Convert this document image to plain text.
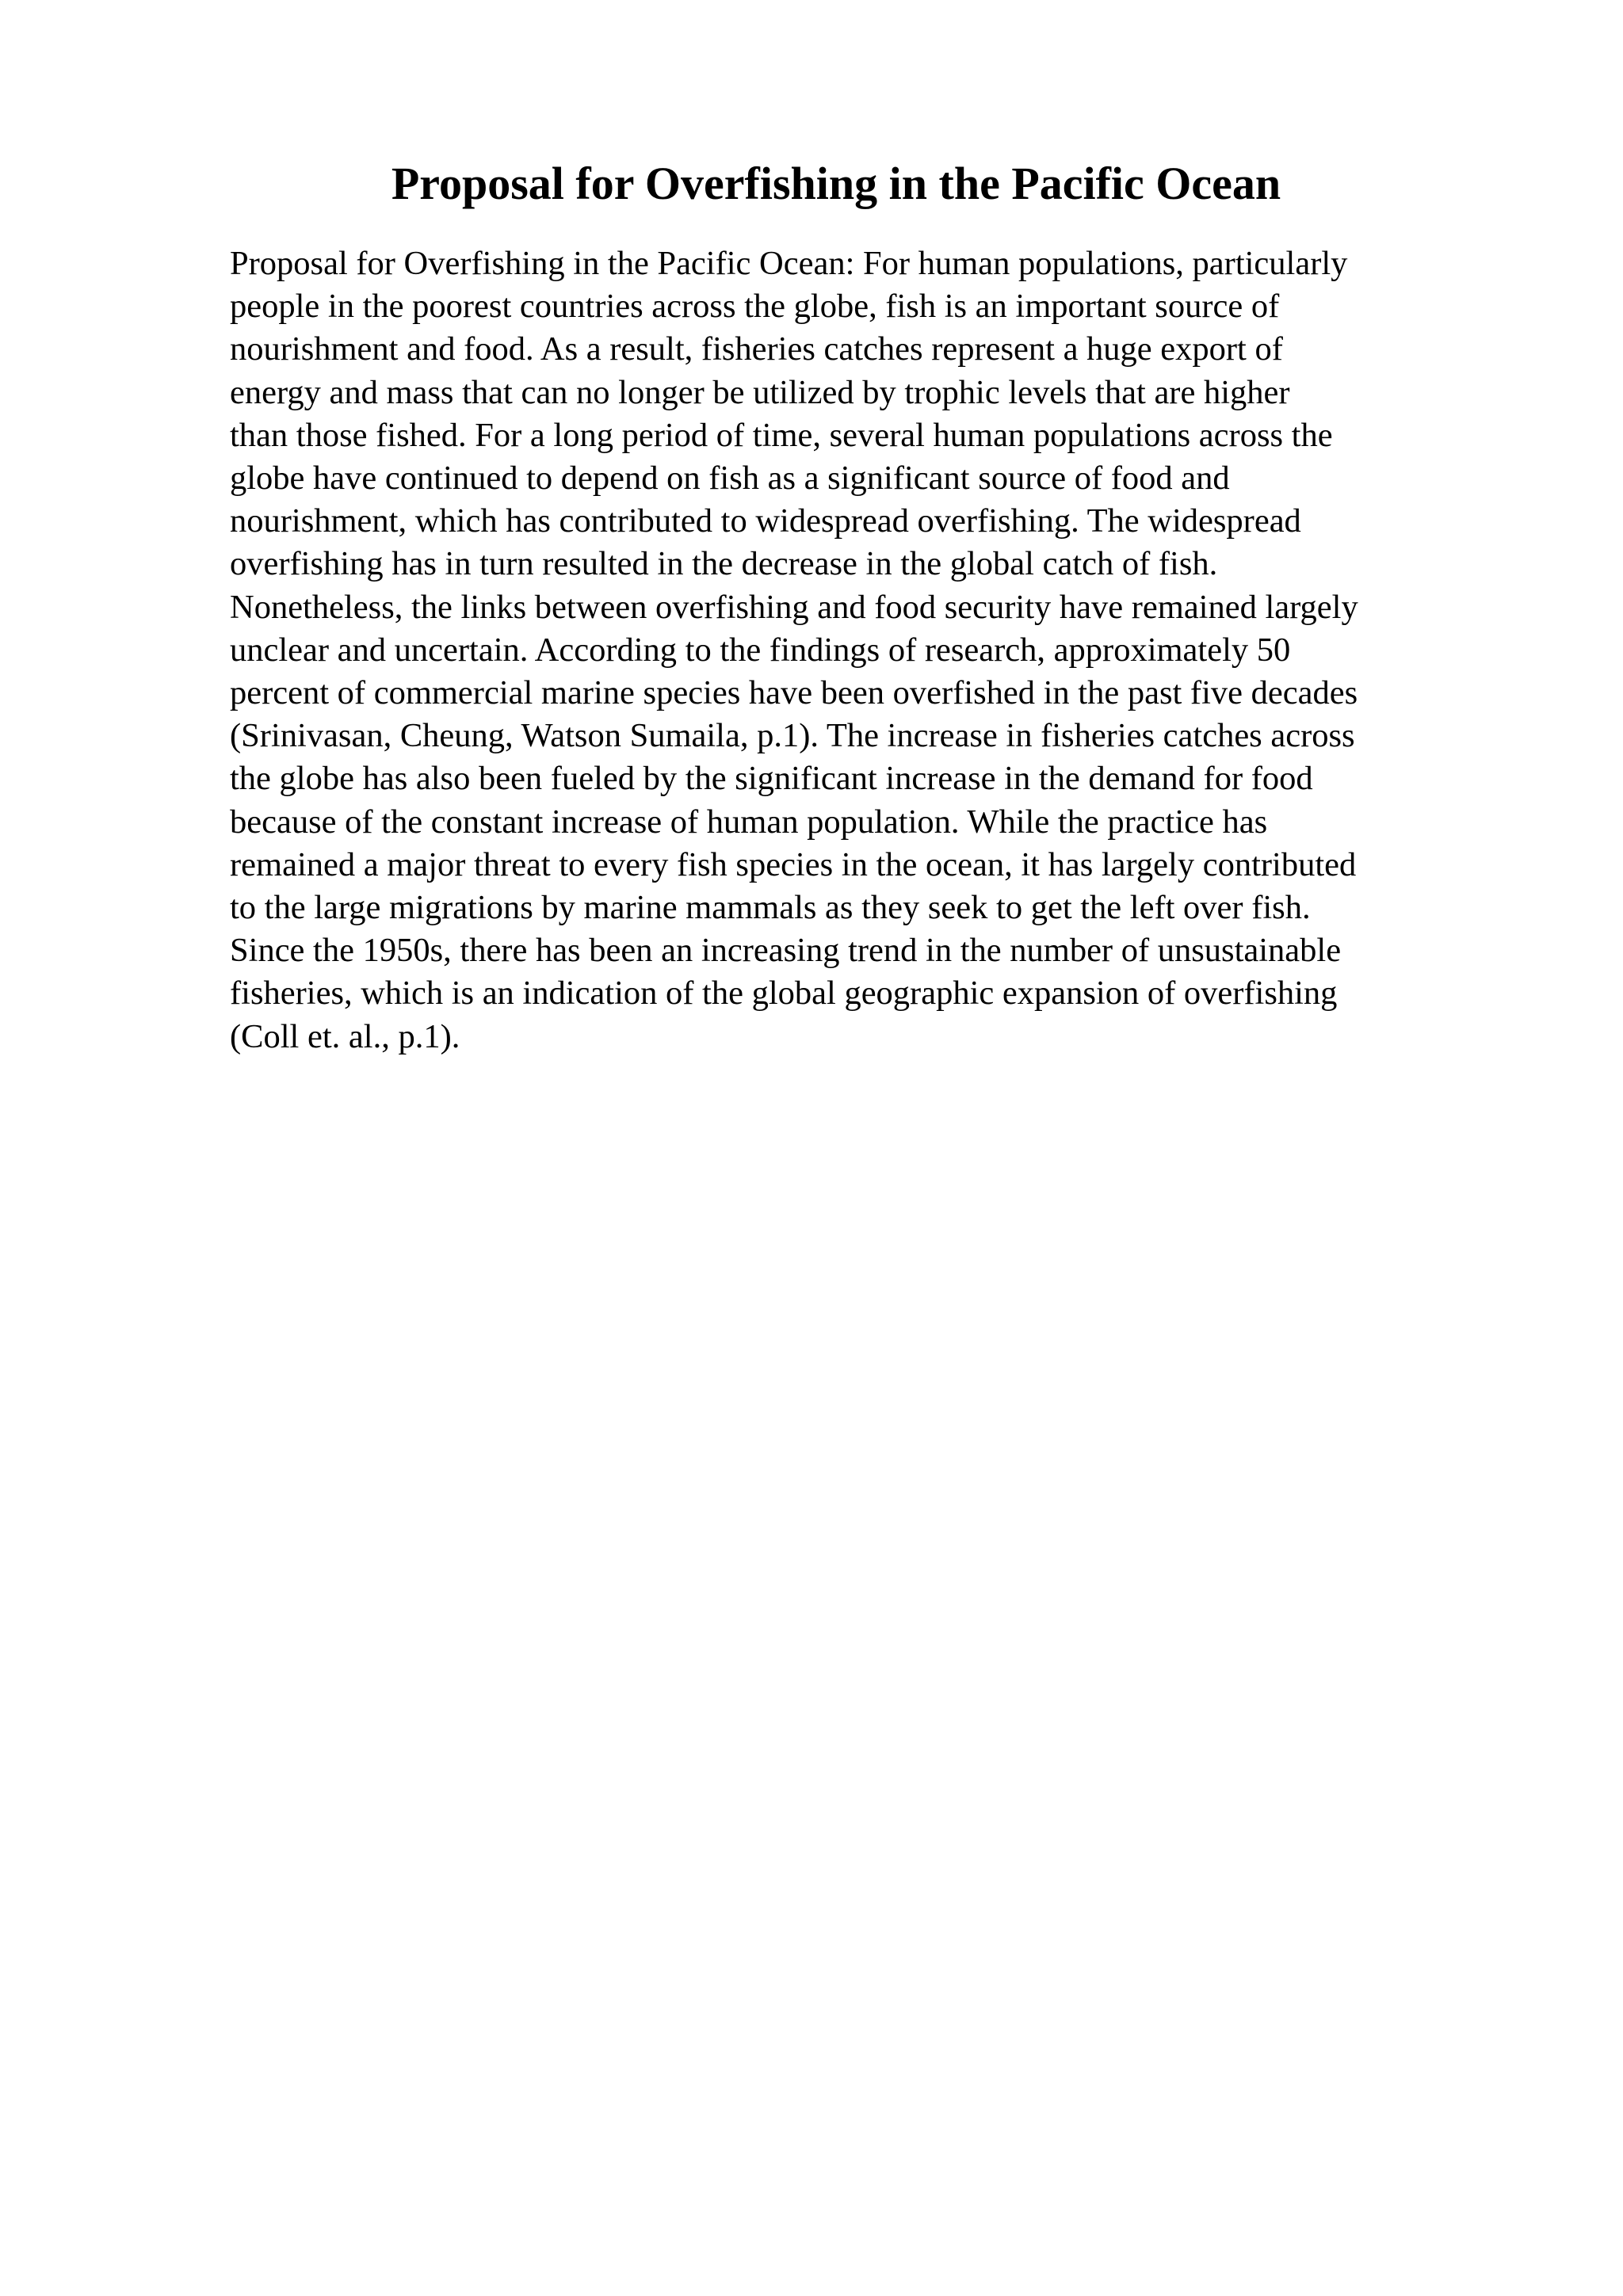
Proposal for Overfishing in the Pacific Ocean

Proposal for Overfishing in the Pacific Ocean: For human populations, particularly
people in the poorest countries across the globe, fish is an important source of
nourishment and food. As a result, fisheries catches represent a huge export of
energy and mass that can no longer be utilized by trophic levels that are higher
than those fished. For a long period of time, several human populations across the
globe have continued to depend on fish as a significant source of food and
nourishment, which has contributed to widespread overfishing. The widespread
overfishing has in turn resulted in the decrease in the global catch of fish.
Nonetheless, the links between overfishing and food security have remained largely
unclear and uncertain. According to the findings of research, approximately 50
percent of commercial marine species have been overfished in the past five decades
(Srinivasan, Cheung, Watson Sumaila, p.1). The increase in fisheries catches across
the globe has also been fueled by the significant increase in the demand for food
because of the constant increase of human population. While the practice has
remained a major threat to every fish species in the ocean, it has largely contributed
to the large migrations by marine mammals as they seek to get the left over fish.
Since the 1950s, there has been an increasing trend in the number of unsustainable
fisheries, which is an indication of the global geographic expansion of overfishing
(Coll et. al., p.1).
